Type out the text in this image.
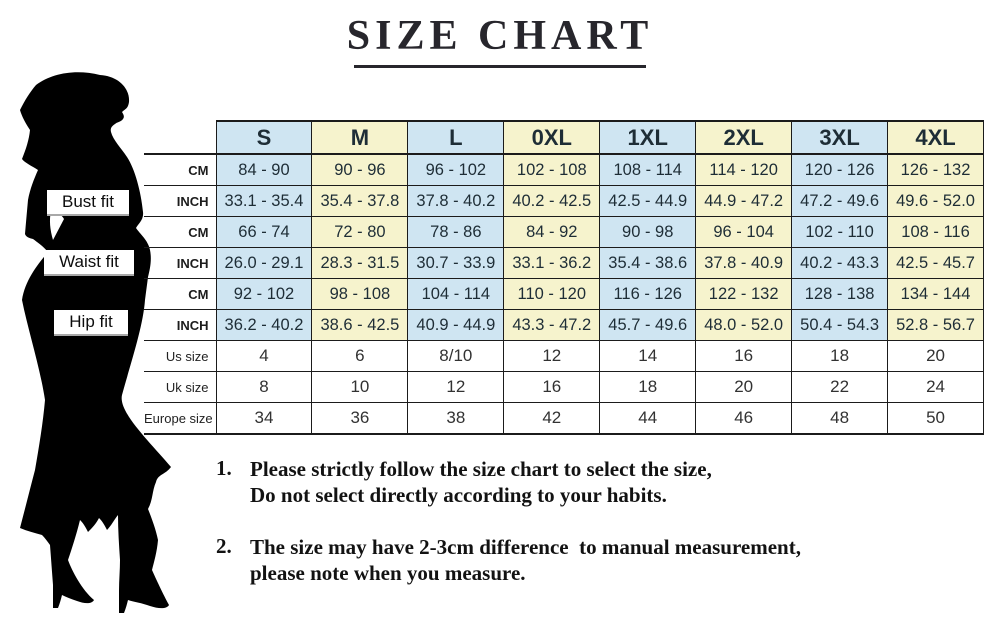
SIZE CHART
Bust fit
Waist fit
Hip fit
	S	M	L	0XL	1XL	2XL	3XL	4XL
CM	84 - 90	90 - 96	96 - 102	102 - 108	108 - 114	114 - 120	120 - 126	126 - 132
INCH	33.1 - 35.4	35.4 - 37.8	37.8 - 40.2	40.2 - 42.5	42.5 - 44.9	44.9 - 47.2	47.2 - 49.6	49.6 - 52.0
CM	66 - 74	72 - 80	78 - 86	84 - 92	90 - 98	96 - 104	102 - 110	108 - 116
INCH	26.0 - 29.1	28.3 - 31.5	30.7 - 33.9	33.1 - 36.2	35.4 - 38.6	37.8 - 40.9	40.2 - 43.3	42.5 - 45.7
CM	92 - 102	98 - 108	104 - 114	110 - 120	116 - 126	122 - 132	128 - 138	134 - 144
INCH	36.2 - 40.2	38.6 - 42.5	40.9 - 44.9	43.3 - 47.2	45.7 - 49.6	48.0 - 52.0	50.4 - 54.3	52.8 - 56.7
Us size	4	6	8/10	12	14	16	18	20
Uk size	8	10	12	16	18	20	22	24
Europe size	34	36	38	42	44	46	48	50
1. Please strictly follow the size chart to select the size,
Do not select directly according to your habits.
2. The size may have 2-3cm difference  to manual measurement,
please note when you measure.
